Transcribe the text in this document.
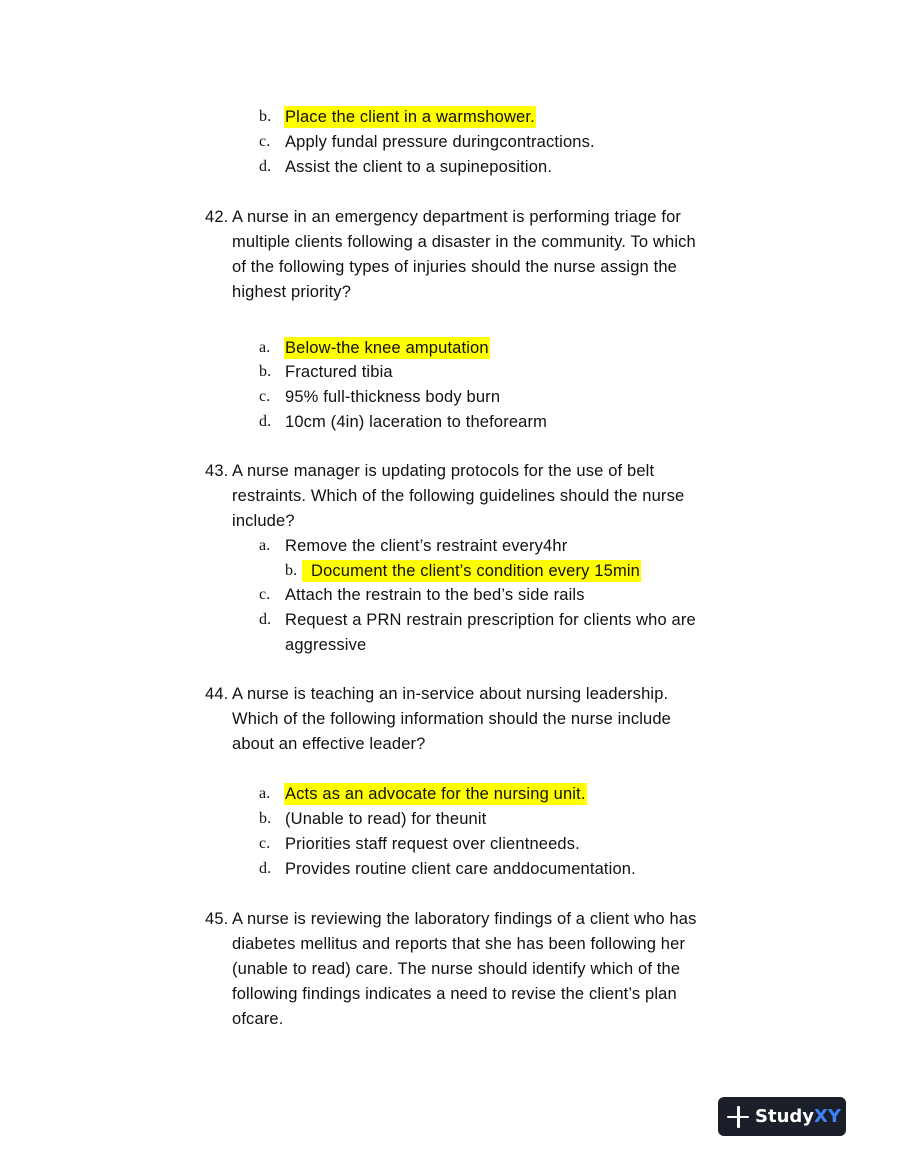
b. Place the client in a warmshower.
c. Apply fundal pressure duringcontractions.
d. Assist the client to a supineposition.
42. A nurse in an emergency department is performing triage for
multiple clients following a disaster in the community. To which
of the following types of injuries should the nurse assign the
highest priority?
a. Below-the knee amputation
b. Fractured tibia
c. 95% full-thickness body burn
d. 10cm (4in) laceration to theforearm
43. A nurse manager is updating protocols for the use of belt
restraints. Which of the following guidelines should the nurse
include?
a. Remove the client’s restraint every4hr
b. Document the client’s condition every 15min
c. Attach the restrain to the bed’s side rails
d. Request a PRN restrain prescription for clients who are
aggressive
44. A nurse is teaching an in-service about nursing leadership.
Which of the following information should the nurse include
about an effective leader?
a. Acts as an advocate for the nursing unit.
b. (Unable to read) for theunit
c. Priorities staff request over clientneeds.
d. Provides routine client care anddocumentation.
45. A nurse is reviewing the laboratory findings of a client who has
diabetes mellitus and reports that she has been following her
(unable to read) care. The nurse should identify which of the
following findings indicates a need to revise the client’s plan
ofcare.
StudyXY
